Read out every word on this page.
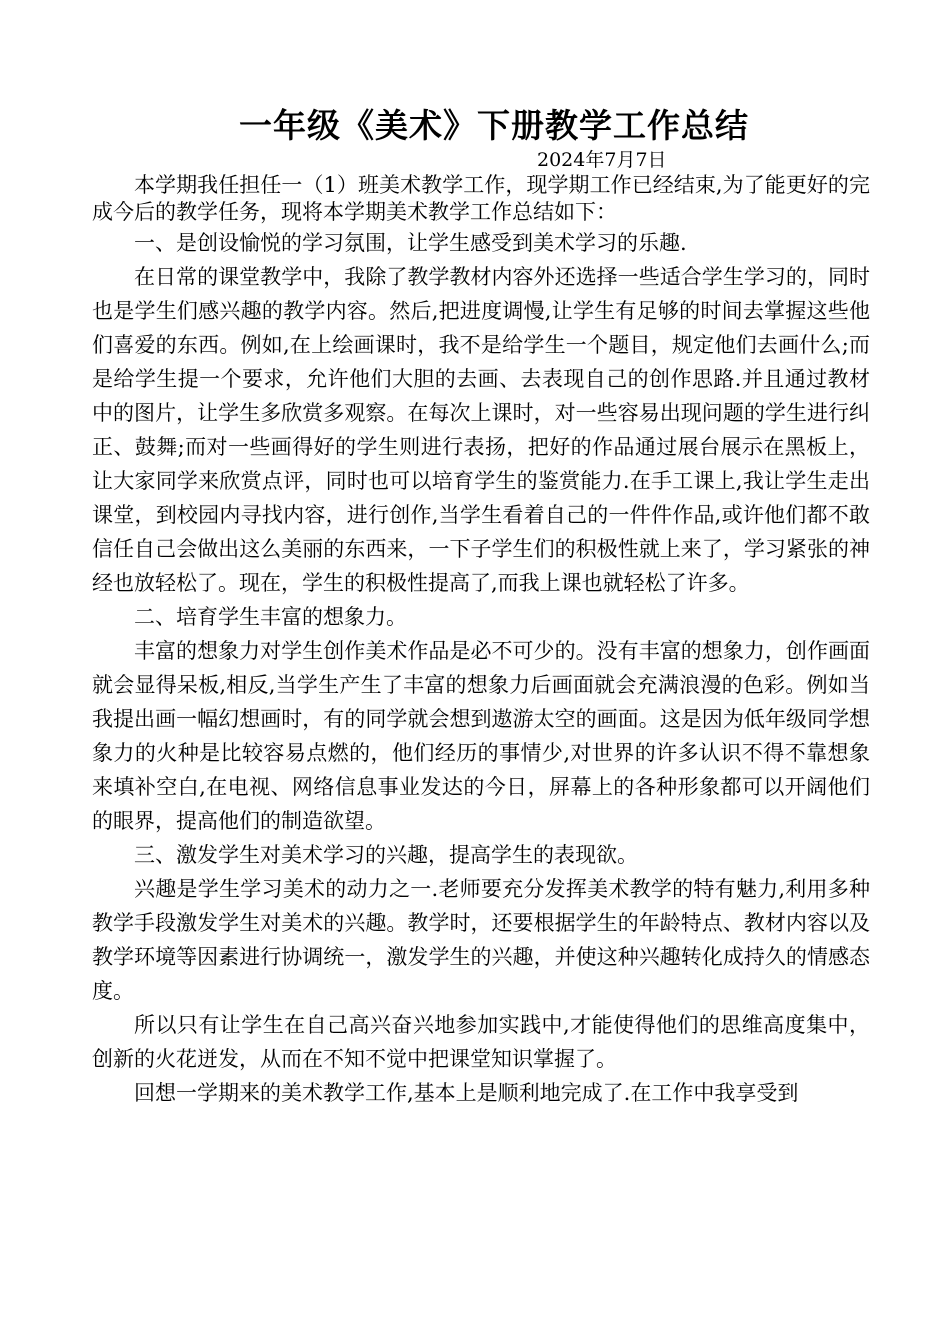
一年级《美术》下册教学工作总结
2024年7月7日

本学期我任担任一（1）班美术教学工作，现学期工作已经结束,为了能更好的完成今后的教学任务，现将本学期美术教学工作总结如下：

一、是创设愉悦的学习氛围，让学生感受到美术学习的乐趣.

在日常的课堂教学中，我除了教学教材内容外还选择一些适合学生学习的，同时也是学生们感兴趣的教学内容。然后,把进度调慢,让学生有足够的时间去掌握这些他们喜爱的东西。例如,在上绘画课时，我不是给学生一个题目，规定他们去画什么;而是给学生提一个要求，允许他们大胆的去画、去表现自己的创作思路.并且通过教材中的图片，让学生多欣赏多观察。在每次上课时，对一些容易出现问题的学生进行纠正、鼓舞;而对一些画得好的学生则进行表扬，把好的作品通过展台展示在黑板上，让大家同学来欣赏点评，同时也可以培育学生的鉴赏能力.在手工课上,我让学生走出课堂，到校园内寻找内容，进行创作,当学生看着自己的一件件作品,或许他们都不敢信任自己会做出这么美丽的东西来，一下子学生们的积极性就上来了，学习紧张的神经也放轻松了。现在，学生的积极性提高了,而我上课也就轻松了许多。

二、培育学生丰富的想象力。

丰富的想象力对学生创作美术作品是必不可少的。没有丰富的想象力，创作画面就会显得呆板,相反,当学生产生了丰富的想象力后画面就会充满浪漫的色彩。例如当我提出画一幅幻想画时，有的同学就会想到遨游太空的画面。这是因为低年级同学想象力的火种是比较容易点燃的，他们经历的事情少,对世界的许多认识不得不靠想象来填补空白,在电视、网络信息事业发达的今日，屏幕上的各种形象都可以开阔他们的眼界，提高他们的制造欲望。

三、激发学生对美术学习的兴趣，提高学生的表现欲。

兴趣是学生学习美术的动力之一.老师要充分发挥美术教学的特有魅力,利用多种教学手段激发学生对美术的兴趣。教学时，还要根据学生的年龄特点、教材内容以及教学环境等因素进行协调统一，激发学生的兴趣，并使这种兴趣转化成持久的情感态度。

所以只有让学生在自己高兴奋兴地参加实践中,才能使得他们的思维高度集中，创新的火花迸发，从而在不知不觉中把课堂知识掌握了。

回想一学期来的美术教学工作,基本上是顺利地完成了.在工作中我享受到
